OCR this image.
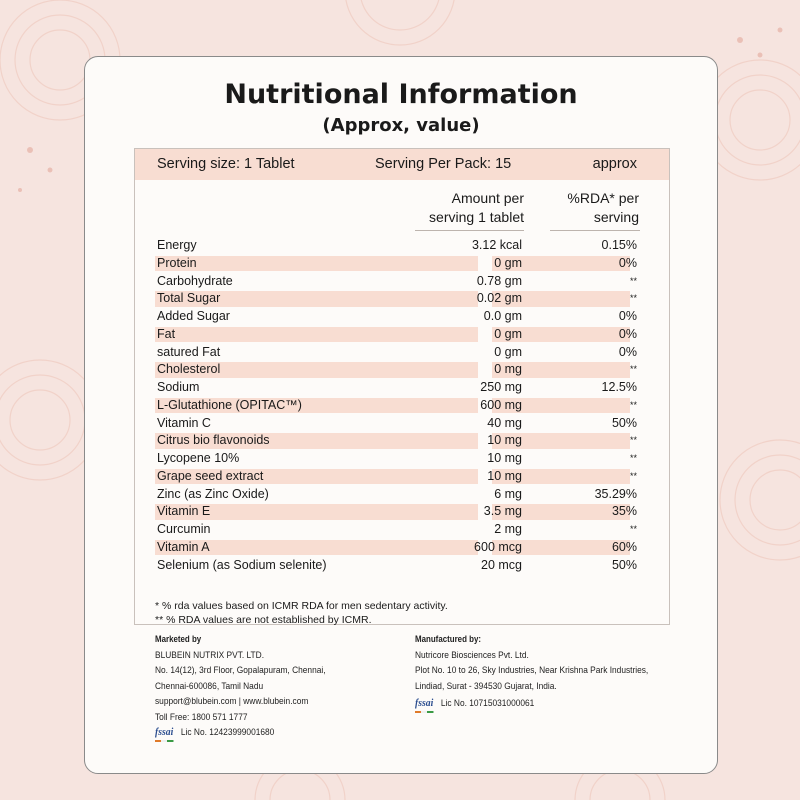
Nutritional Information
(Approx, value)
Serving size: 1 Tablet	Serving Per Pack: 15	approx
Amount per
serving 1 tablet
%RDA* per
serving
Energy	3.12 kcal	0.15%
Protein	0 gm	0%
Carbohydrate	0.78 gm	**
Total Sugar	0.02 gm	**
Added Sugar	0.0 gm	0%
Fat	0 gm	0%
satured Fat	0 gm	0%
Cholesterol	0 mg	**
Sodium	250 mg	12.5%
L-Glutathione (OPITAC™)	600 mg	**
Vitamin C	40 mg	50%
Citrus bio flavonoids	10 mg	**
Lycopene 10%	10 mg	**
Grape seed extract	10 mg	**
Zinc (as Zinc Oxide)	6 mg	35.29%
Vitamin E	3.5 mg	35%
Curcumin	2 mg	**
Vitamin A	600 mcg	60%
Selenium (as Sodium selenite)	20 mcg	50%
* % rda values based on ICMR RDA for men sedentary activity.
** % RDA values are not established by ICMR.
Marketed by
BLUBEIN NUTRIX PVT. LTD.
No. 14(12), 3rd Floor, Gopalapuram, Chennai,
Chennai-600086, Tamil Nadu
support@blubein.com | www.blubein.com
Toll Free: 1800 571 1777
fssai Lic No. 12423999001680
Manufactured by:
Nutricore Biosciences Pvt. Ltd.
Plot No. 10 to 26, Sky Industries, Near Krishna Park Industries,
Lindiad, Surat - 394530 Gujarat, India.
fssai Lic No. 10715031000061
